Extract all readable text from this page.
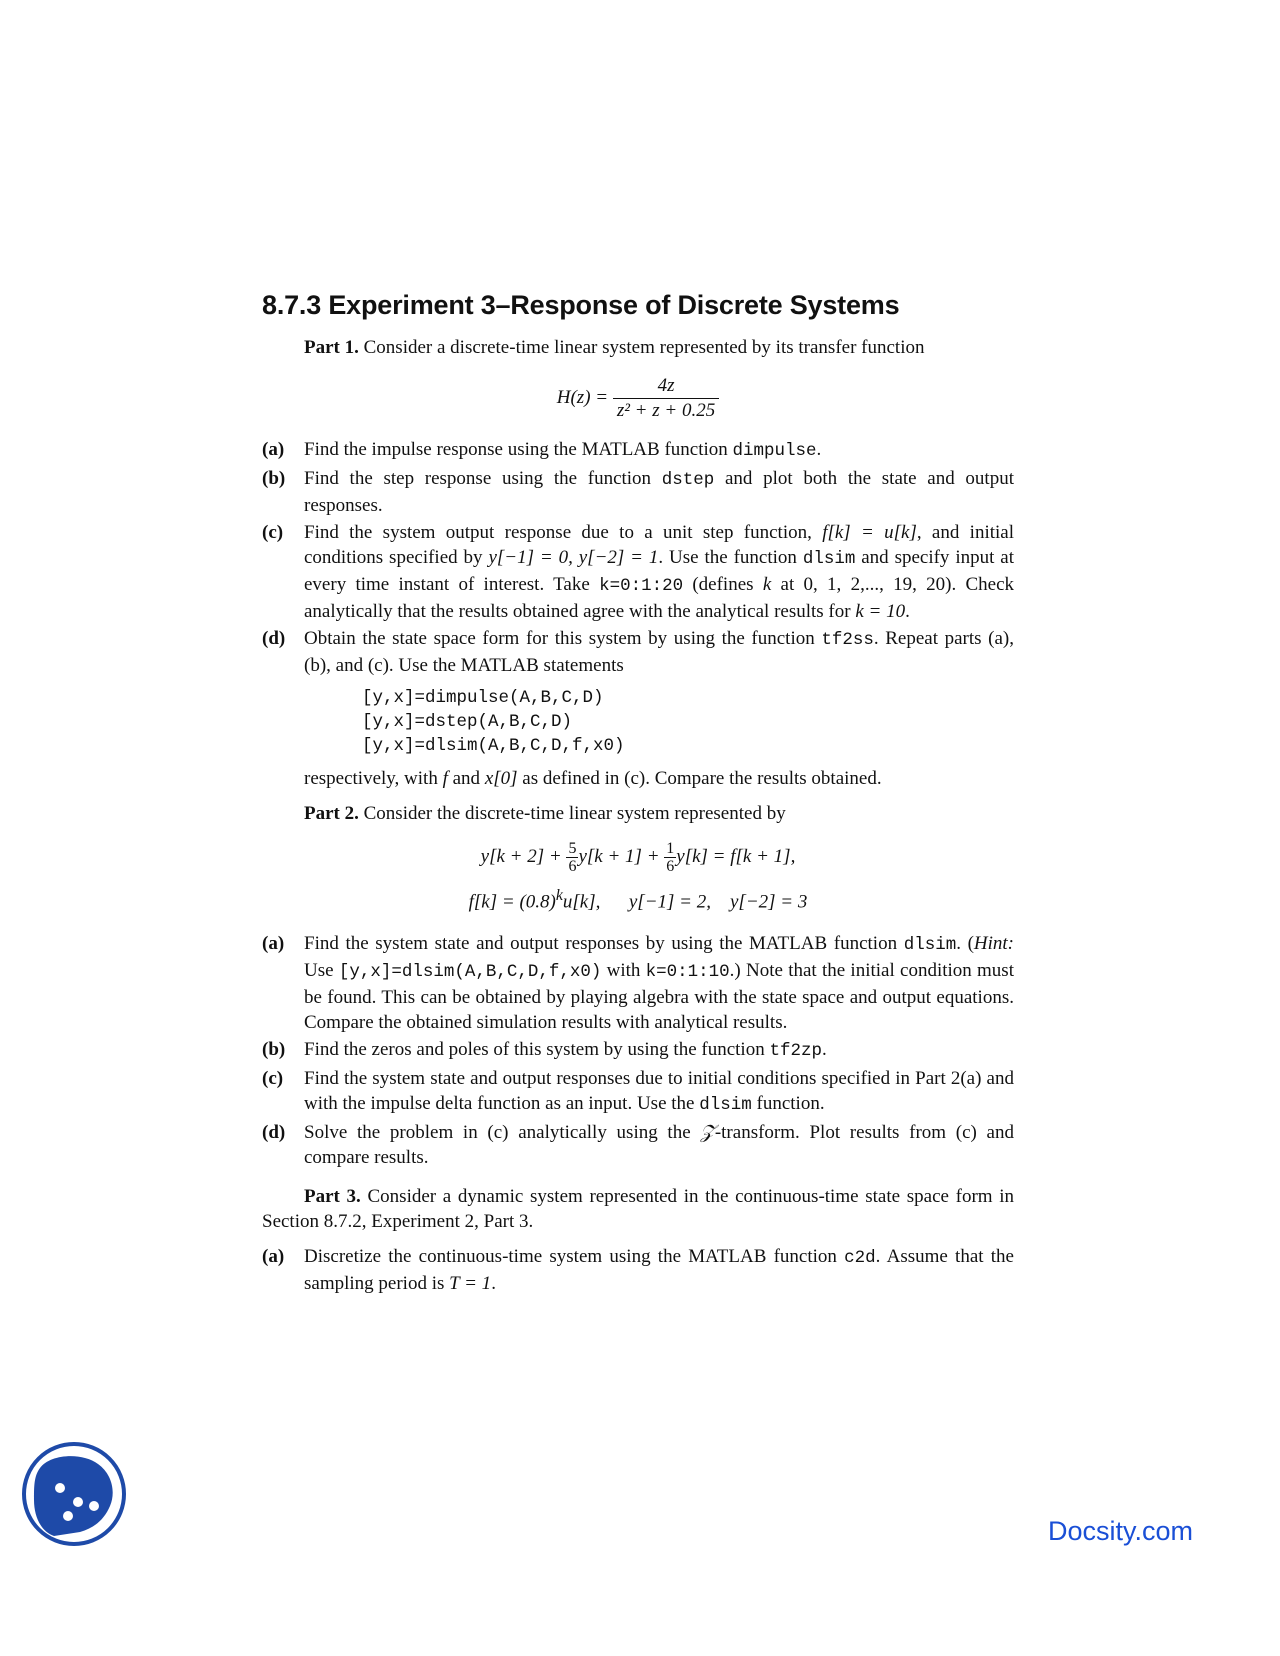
8.7.3 Experiment 3–Response of Discrete Systems

Part 1. Consider a discrete-time linear system represented by its transfer function

$H(z) = \frac{4z}{\text{z² + z + 0.25}}$
(a) Find the impulse response using the MATLAB function dimpulse.
(b) Find the step response using the function dstep and plot both the state and output responses.
(c) Find the system output response due to a unit step function, f[k] = u[k], and initial conditions specified by y[−1] = 0, y[−2] = 1. Use the function dlsim and specify input at every time instant of interest. Take k=0:1:20 (defines k at 0, 1, 2,..., 19, 20). Check analytically that the results obtained agree with the analytical results for k = 10.
(d) Obtain the state space form for this system by using the function tf2ss. Repeat parts (a), (b), and (c). Use the MATLAB statements
[y,x]=dimpulse(A,B,C,D)
[y,x]=dstep(A,B,C,D)
[y,x]=dlsim(A,B,C,D,f,x0)

respectively, with f and x[0] as defined in (c). Compare the results obtained.

Part 2. Consider the discrete-time linear system represented by

$y[k + 2] + \frac{5}{6} y[k + 1] + \frac{1}{6} y[k] = f[k + 1]$,
$f[k] = (0.8)^ku[k]$, y[−1] = 2, y[−2] = 3
(a) Find the system state and output responses by using the MATLAB function dlsim. (Hint: Use [y,x]=dlsim(A,B,C,D,f,x0) with k=0:1:10.) Note that the initial condition must be found. This can be obtained by playing algebra with the state space and output equations. Compare the obtained simulation results with analytical results.
(b) Find the zeros and poles of this system by using the function tf2zp.
(c) Find the system state and output responses due to initial conditions specified in Part 2(a) and with the impulse delta function as an input. Use the dlsim function.
(d) Solve the problem in (c) analytically using the 𝒵-transform. Plot results from (c) and compare results.

Part 3. Consider a dynamic system represented in the continuous-time state space form in Section 8.7.2, Experiment 2, Part 3.

(a) Discretize the continuous-time system using the MATLAB function c2d. Assume that the sampling period is T = 1.
Docsity.com
